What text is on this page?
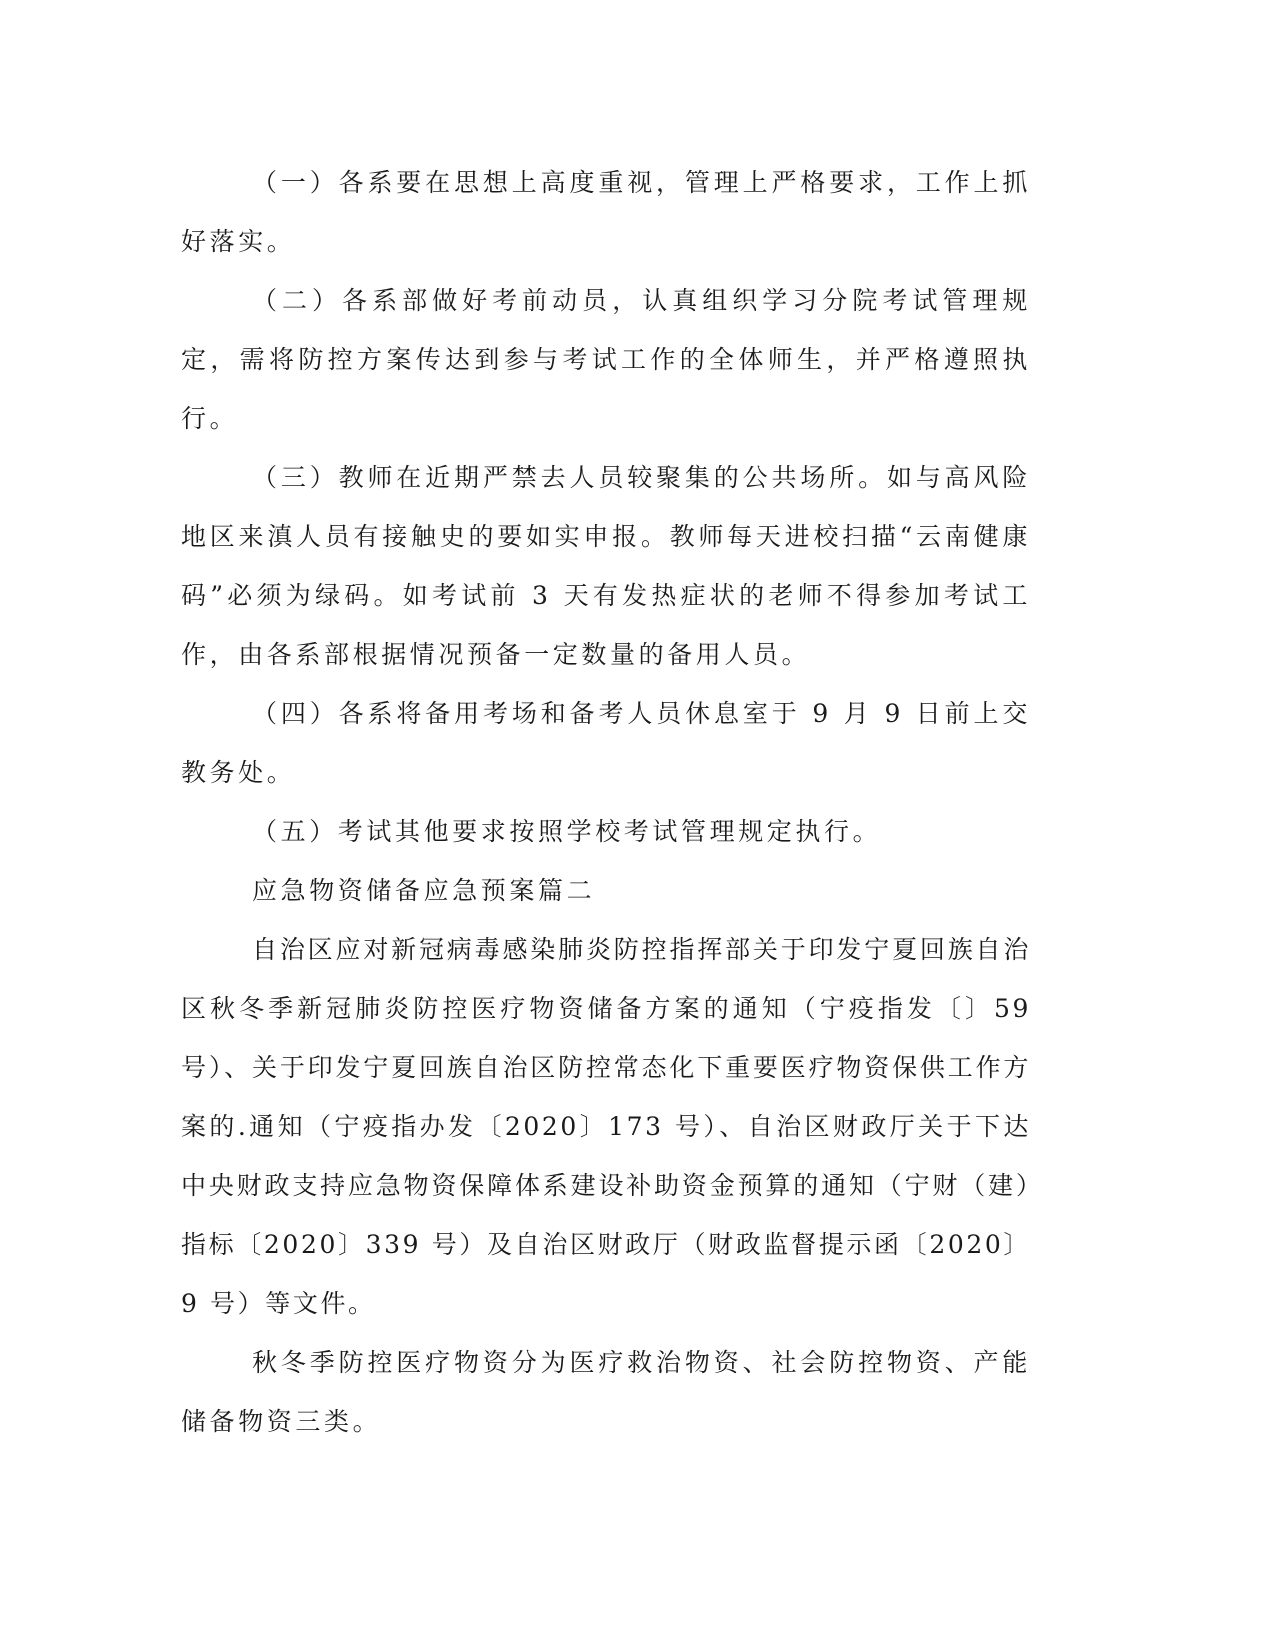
（一）各系要在思想上高度重视，管理上严格要求，工作上抓好落实。

（二）各系部做好考前动员，认真组织学习分院考试管理规定，需将防控方案传达到参与考试工作的全体师生，并严格遵照执行。

（三）教师在近期严禁去人员较聚集的公共场所。如与高风险地区来滇人员有接触史的要如实申报。教师每天进校扫描“云南健康码”必须为绿码。如考试前 3 天有发热症状的老师不得参加考试工作，由各系部根据情况预备一定数量的备用人员。

（四）各系将备用考场和备考人员休息室于 9 月 9 日前上交教务处。

（五）考试其他要求按照学校考试管理规定执行。

应急物资储备应急预案篇二

自治区应对新冠病毒感染肺炎防控指挥部关于印发宁夏回族自治区秋冬季新冠肺炎防控医疗物资储备方案的通知（宁疫指发〔〕59 号）、关于印发宁夏回族自治区防控常态化下重要医疗物资保供工作方案的.通知（宁疫指办发〔2020〕173 号）、自治区财政厅关于下达中央财政支持应急物资保障体系建设补助资金预算的通知（宁财（建）指标〔2020〕339 号）及自治区财政厅（财政监督提示函〔2020〕9 号）等文件。

秋冬季防控医疗物资分为医疗救治物资、社会防控物资、产能储备物资三类。
